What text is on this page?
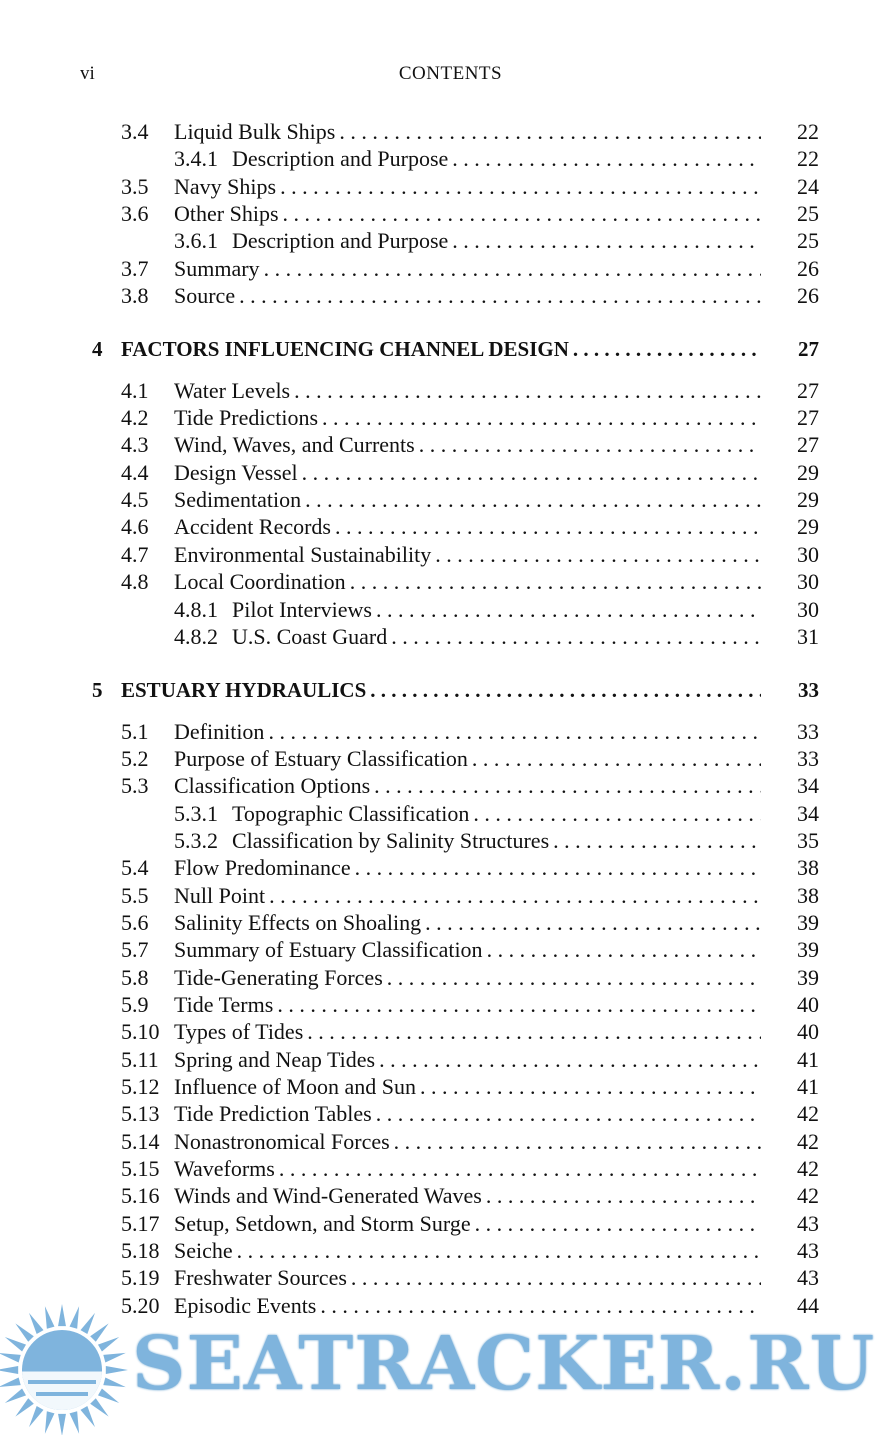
vi	CONTENTS
3.4 Liquid Bulk Ships . . .	22
3.4.1 Description and Purpose . . .	22
3.5 Navy Ships . . .	24
3.6 Other Ships . . .	25
3.6.1 Description and Purpose . . .	25
3.7 Summary . . .	26
3.8 Source . . .	26
4 FACTORS INFLUENCING CHANNEL DESIGN . . .	27
4.1 Water Levels . . .	27
4.2 Tide Predictions . . .	27
4.3 Wind, Waves, and Currents . . .	27
4.4 Design Vessel . . .	29
4.5 Sedimentation . . .	29
4.6 Accident Records . . .	29
4.7 Environmental Sustainability . . .	30
4.8 Local Coordination . . .	30
4.8.1 Pilot Interviews . . .	30
4.8.2 U.S. Coast Guard . . .	31
5 ESTUARY HYDRAULICS . . .	33
5.1 Definition . . .	33
5.2 Purpose of Estuary Classification . . .	33
5.3 Classification Options . . .	34
5.3.1 Topographic Classification . . .	34
5.3.2 Classification by Salinity Structures . . .	35
5.4 Flow Predominance . . .	38
5.5 Null Point . . .	38
5.6 Salinity Effects on Shoaling . . .	39
5.7 Summary of Estuary Classification . . .	39
5.8 Tide-Generating Forces . . .	39
5.9 Tide Terms . . .	40
5.10 Types of Tides . . .	40
5.11 Spring and Neap Tides . . .	41
5.12 Influence of Moon and Sun . . .	41
5.13 Tide Prediction Tables . . .	42
5.14 Nonastronomical Forces . . .	42
5.15 Waveforms . . .	42
5.16 Winds and Wind-Generated Waves . . .	42
5.17 Setup, Setdown, and Storm Surge . . .	43
5.18 Seiche . . .	43
5.19 Freshwater Sources . . .	43
5.20 Episodic Events . . .	44
SEATRACKER.RU
